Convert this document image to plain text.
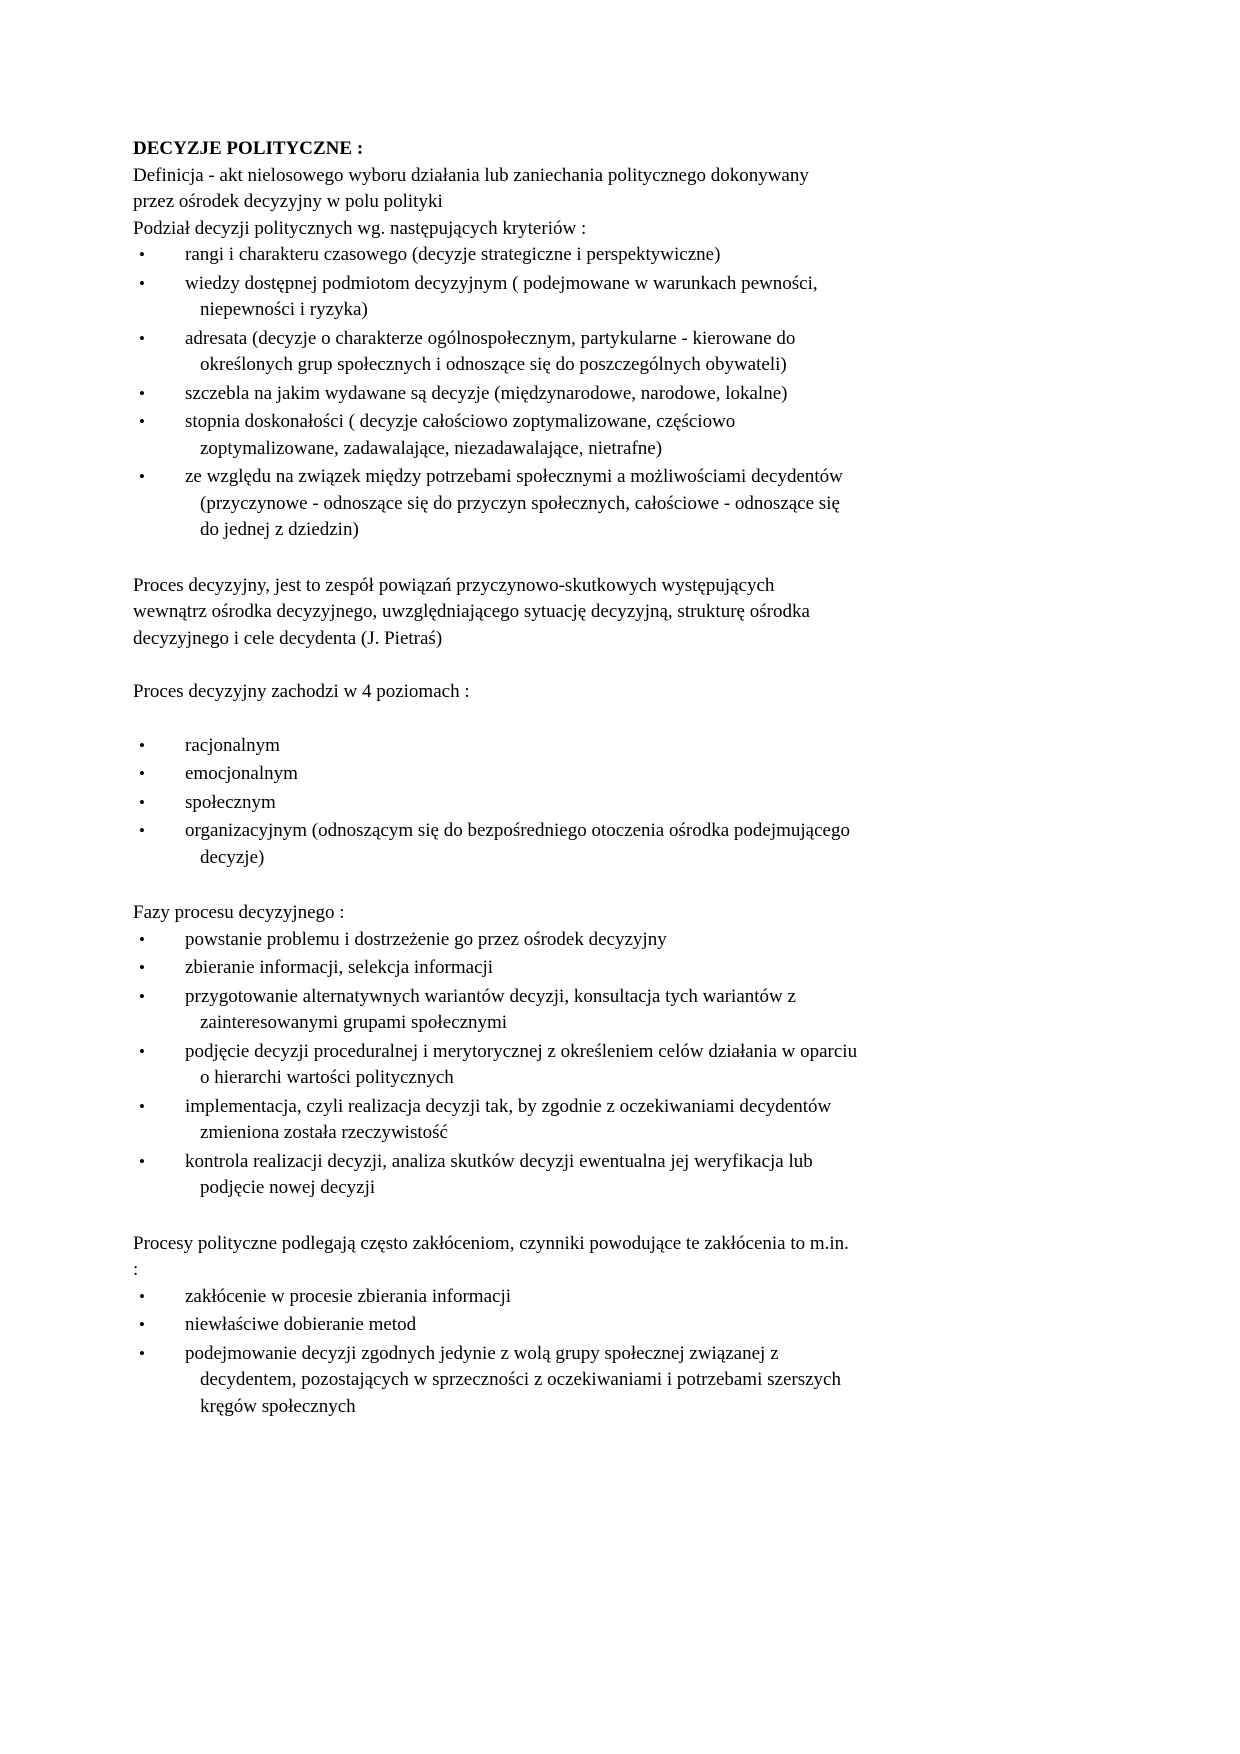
DECYZJE POLITYCZNE :

Definicja - akt nielosowego wyboru działania lub zaniechania politycznego dokonywany
przez ośrodek decyzyjny w polu polityki

Podział decyzji politycznych wg. następujących kryteriów :

• rangi i charakteru czasowego (decyzje strategiczne i perspektywiczne)
• wiedzy dostępnej podmiotom decyzyjnym ( podejmowane w warunkach pewności,
niepewności i ryzyka)
• adresata (decyzje o charakterze ogólnospołecznym, partykularne - kierowane do
określonych grup społecznych i odnoszące się do poszczególnych obywateli)
• szczebla na jakim wydawane są decyzje (międzynarodowe, narodowe, lokalne)
• stopnia doskonałości ( decyzje całościowo zoptymalizowane, częściowo
zoptymalizowane, zadawalające, niezadawalające, nietrafne)
• ze względu na związek między potrzebami społecznymi a możliwościami decydentów
(przyczynowe - odnoszące się do przyczyn społecznych, całościowe - odnoszące się
do jednej z dziedzin)

Proces decyzyjny, jest to zespół powiązań przyczynowo-skutkowych występujących
wewnątrz ośrodka decyzyjnego, uwzględniającego sytuację decyzyjną, strukturę ośrodka
decyzyjnego i cele decydenta (J. Pietraś)

Proces decyzyjny zachodzi w 4 poziomach :

• racjonalnym
• emocjonalnym
• społecznym
• organizacyjnym (odnoszącym się do bezpośredniego otoczenia ośrodka podejmującego
decyzje)

Fazy procesu decyzyjnego :

• powstanie problemu i dostrzeżenie go przez ośrodek decyzyjny
• zbieranie informacji, selekcja informacji
• przygotowanie alternatywnych wariantów decyzji, konsultacja tych wariantów z
zainteresowanymi grupami społecznymi
• podjęcie decyzji proceduralnej i merytorycznej z określeniem celów działania w oparciu
o hierarchi wartości politycznych
• implementacja, czyli realizacja decyzji tak, by zgodnie z oczekiwaniami decydentów
zmieniona została rzeczywistość
• kontrola realizacji decyzji, analiza skutków decyzji ewentualna jej weryfikacja lub
podjęcie nowej decyzji

Procesy polityczne podlegają często zakłóceniom, czynniki powodujące te zakłócenia to m.in.
:

• zakłócenie w procesie zbierania informacji
• niewłaściwe dobieranie metod
• podejmowanie decyzji zgodnych jedynie z wolą grupy społecznej związanej z
decydentem, pozostających w sprzeczności z oczekiwaniami i potrzebami szerszych
kręgów społecznych
